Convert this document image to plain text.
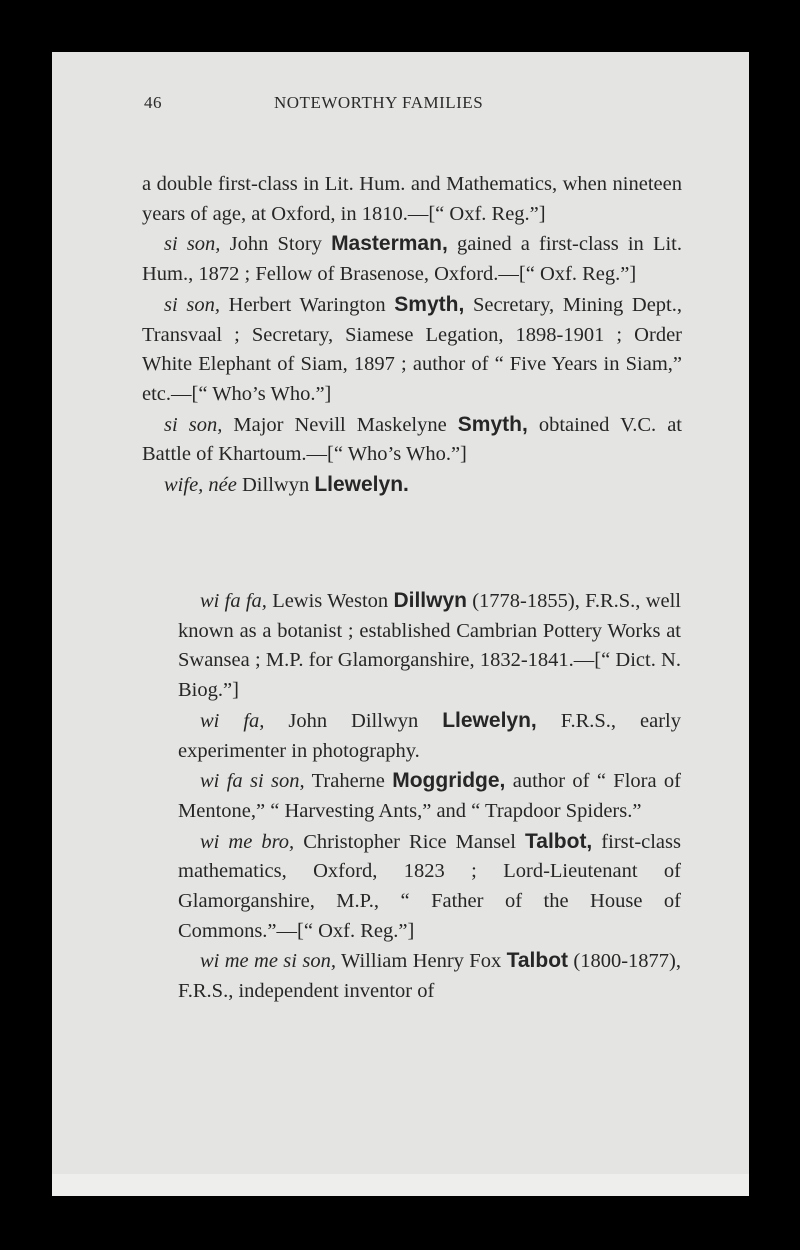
46	NOTEWORTHY FAMILIES

a double first-class in Lit. Hum. and Mathematics, when nineteen years of age, at Oxford, in 1810.—[“ Oxf. Reg.”]

si son, John Story Masterman, gained a first-class in Lit. Hum., 1872 ; Fellow of Brasenose, Oxford.—[“ Oxf. Reg.”]

si son, Herbert Warington Smyth, Secretary, Mining Dept., Transvaal ; Secretary, Siamese Legation, 1898-1901 ; Order White Elephant of Siam, 1897 ; author of “ Five Years in Siam,” etc.—[“ Who’s Who.”]

si son, Major Nevill Maskelyne Smyth, obtained V.C. at Battle of Khartoum.—[“ Who’s Who.”]

wife, née Dillwyn Llewelyn.

wi fa fa, Lewis Weston Dillwyn (1778-1855), F.R.S., well known as a botanist ; established Cambrian Pottery Works at Swansea ; M.P. for Glamorganshire, 1832-1841.—[“ Dict. N. Biog.”]

wi fa, John Dillwyn Llewelyn, F.R.S., early experimenter in photography.

wi fa si son, Traherne Moggridge, author of “ Flora of Mentone,” “ Harvesting Ants,” and “ Trapdoor Spiders.”

wi me bro, Christopher Rice Mansel Talbot, first-class mathematics, Oxford, 1823 ; Lord-Lieutenant of Glamorganshire, M.P., “ Father of the House of Commons.”—[“ Oxf. Reg.”]

wi me me si son, William Henry Fox Talbot (1800-1877), F.R.S., independent inventor of
